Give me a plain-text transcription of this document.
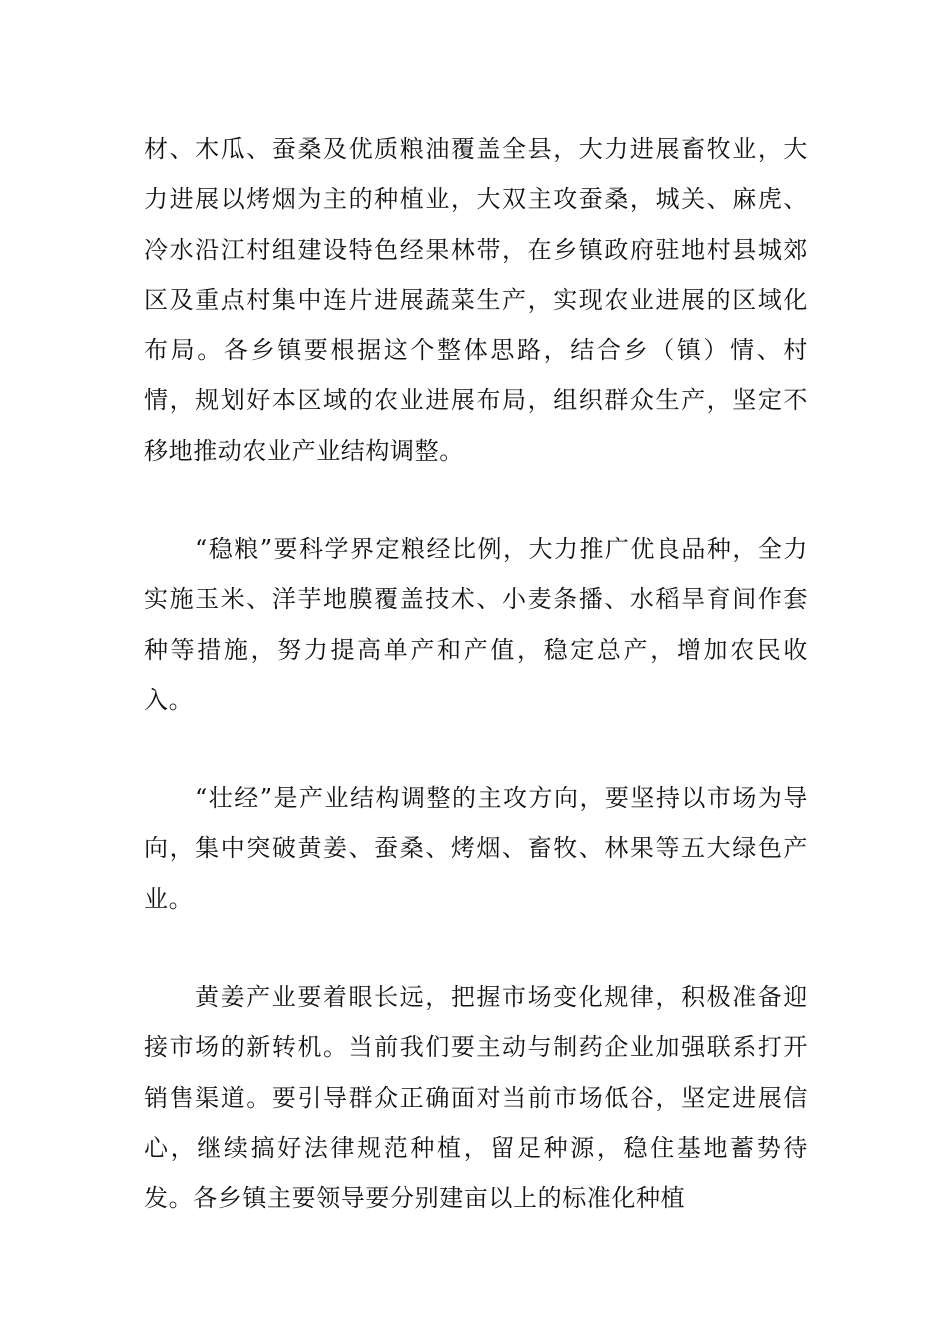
材、木瓜、蚕桑及优质粮油覆盖全县，大力进展畜牧业，大力进展以烤烟为主的种植业，大双主攻蚕桑，城关、麻虎、冷水沿江村组建设特色经果林带，在乡镇政府驻地村县城郊区及重点村集中连片进展蔬菜生产，实现农业进展的区域化布局。各乡镇要根据这个整体思路，结合乡（镇）情、村情，规划好本区域的农业进展布局，组织群众生产，坚定不移地推动农业产业结构调整。

“稳粮”要科学界定粮经比例，大力推广优良品种，全力实施玉米、洋芋地膜覆盖技术、小麦条播、水稻旱育间作套种等措施，努力提高单产和产值，稳定总产，增加农民收入。

“壮经”是产业结构调整的主攻方向，要坚持以市场为导向，集中突破黄姜、蚕桑、烤烟、畜牧、林果等五大绿色产业。

黄姜产业要着眼长远，把握市场变化规律，积极准备迎接市场的新转机。当前我们要主动与制药企业加强联系打开销售渠道。要引导群众正确面对当前市场低谷，坚定进展信心，继续搞好法律规范种植，留足种源，稳住基地蓄势待发。各乡镇主要领导要分别建亩以上的标准化种植
